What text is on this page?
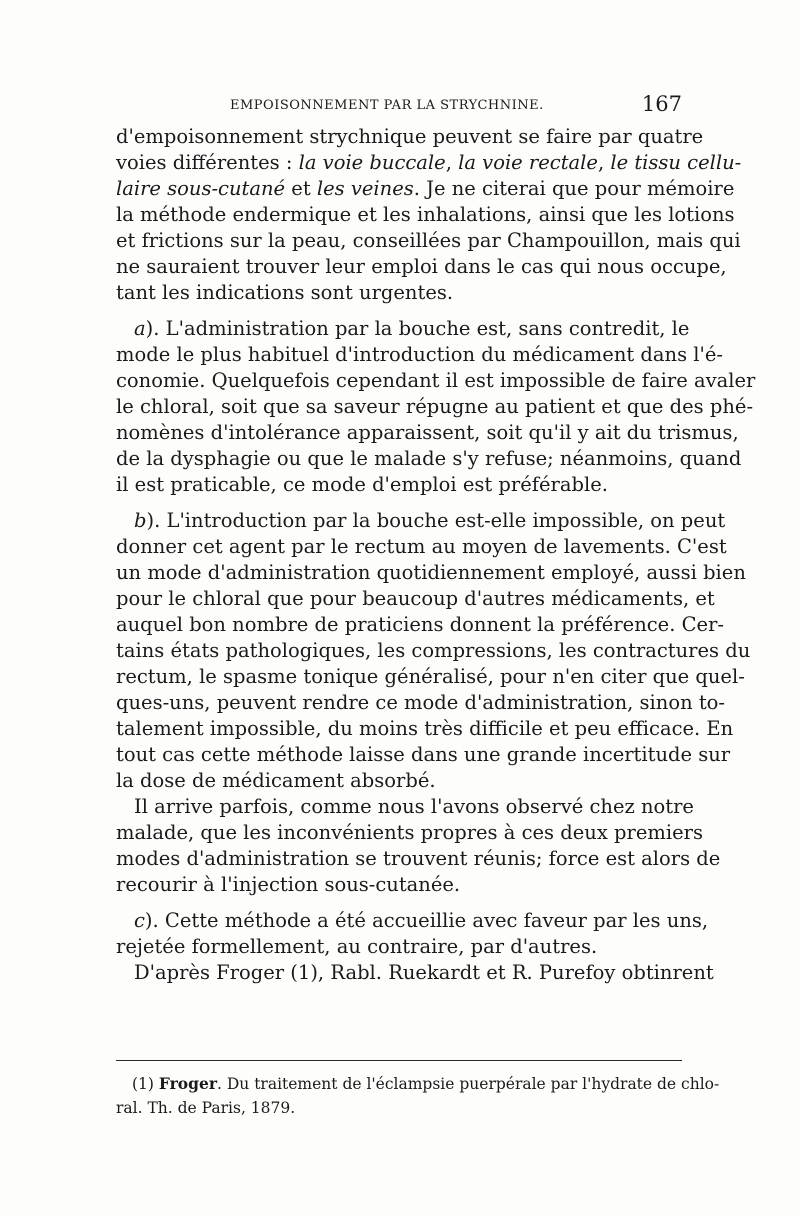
EMPOISONNEMENT PAR LA STRYCHNINE.	167
d'empoisonnement strychnique peuvent se faire par quatre
voies différentes : la voie buccale, la voie rectale, le tissu cellu-
laire sous-cutané et les veines. Je ne citerai que pour mémoire
la méthode endermique et les inhalations, ainsi que les lotions
et frictions sur la peau, conseillées par Champouillon, mais qui
ne sauraient trouver leur emploi dans le cas qui nous occupe,
tant les indications sont urgentes.
a). L'administration par la bouche est, sans contredit, le
mode le plus habituel d'introduction du médicament dans l'é-
conomie. Quelquefois cependant il est impossible de faire avaler
le chloral, soit que sa saveur répugne au patient et que des phé-
nomènes d'intolérance apparaissent, soit qu'il y ait du trismus,
de la dysphagie ou que le malade s'y refuse; néanmoins, quand
il est praticable, ce mode d'emploi est préférable.
b). L'introduction par la bouche est-elle impossible, on peut
donner cet agent par le rectum au moyen de lavements. C'est
un mode d'administration quotidiennement employé, aussi bien
pour le chloral que pour beaucoup d'autres médicaments, et
auquel bon nombre de praticiens donnent la préférence. Cer-
tains états pathologiques, les compressions, les contractures du
rectum, le spasme tonique généralisé, pour n'en citer que quel-
ques-uns, peuvent rendre ce mode d'administration, sinon to-
talement impossible, du moins très difficile et peu efficace. En
tout cas cette méthode laisse dans une grande incertitude sur
la dose de médicament absorbé.
Il arrive parfois, comme nous l'avons observé chez notre
malade, que les inconvénients propres à ces deux premiers
modes d'administration se trouvent réunis; force est alors de
recourir à l'injection sous-cutanée.
c). Cette méthode a été accueillie avec faveur par les uns,
rejetée formellement, au contraire, par d'autres.
D'après Froger (1), Rabl. Ruekardt et R. Purefoy obtinrent
(1) Froger. Du traitement de l'éclampsie puerpérale par l'hydrate de chlo-
ral. Th. de Paris, 1879.
